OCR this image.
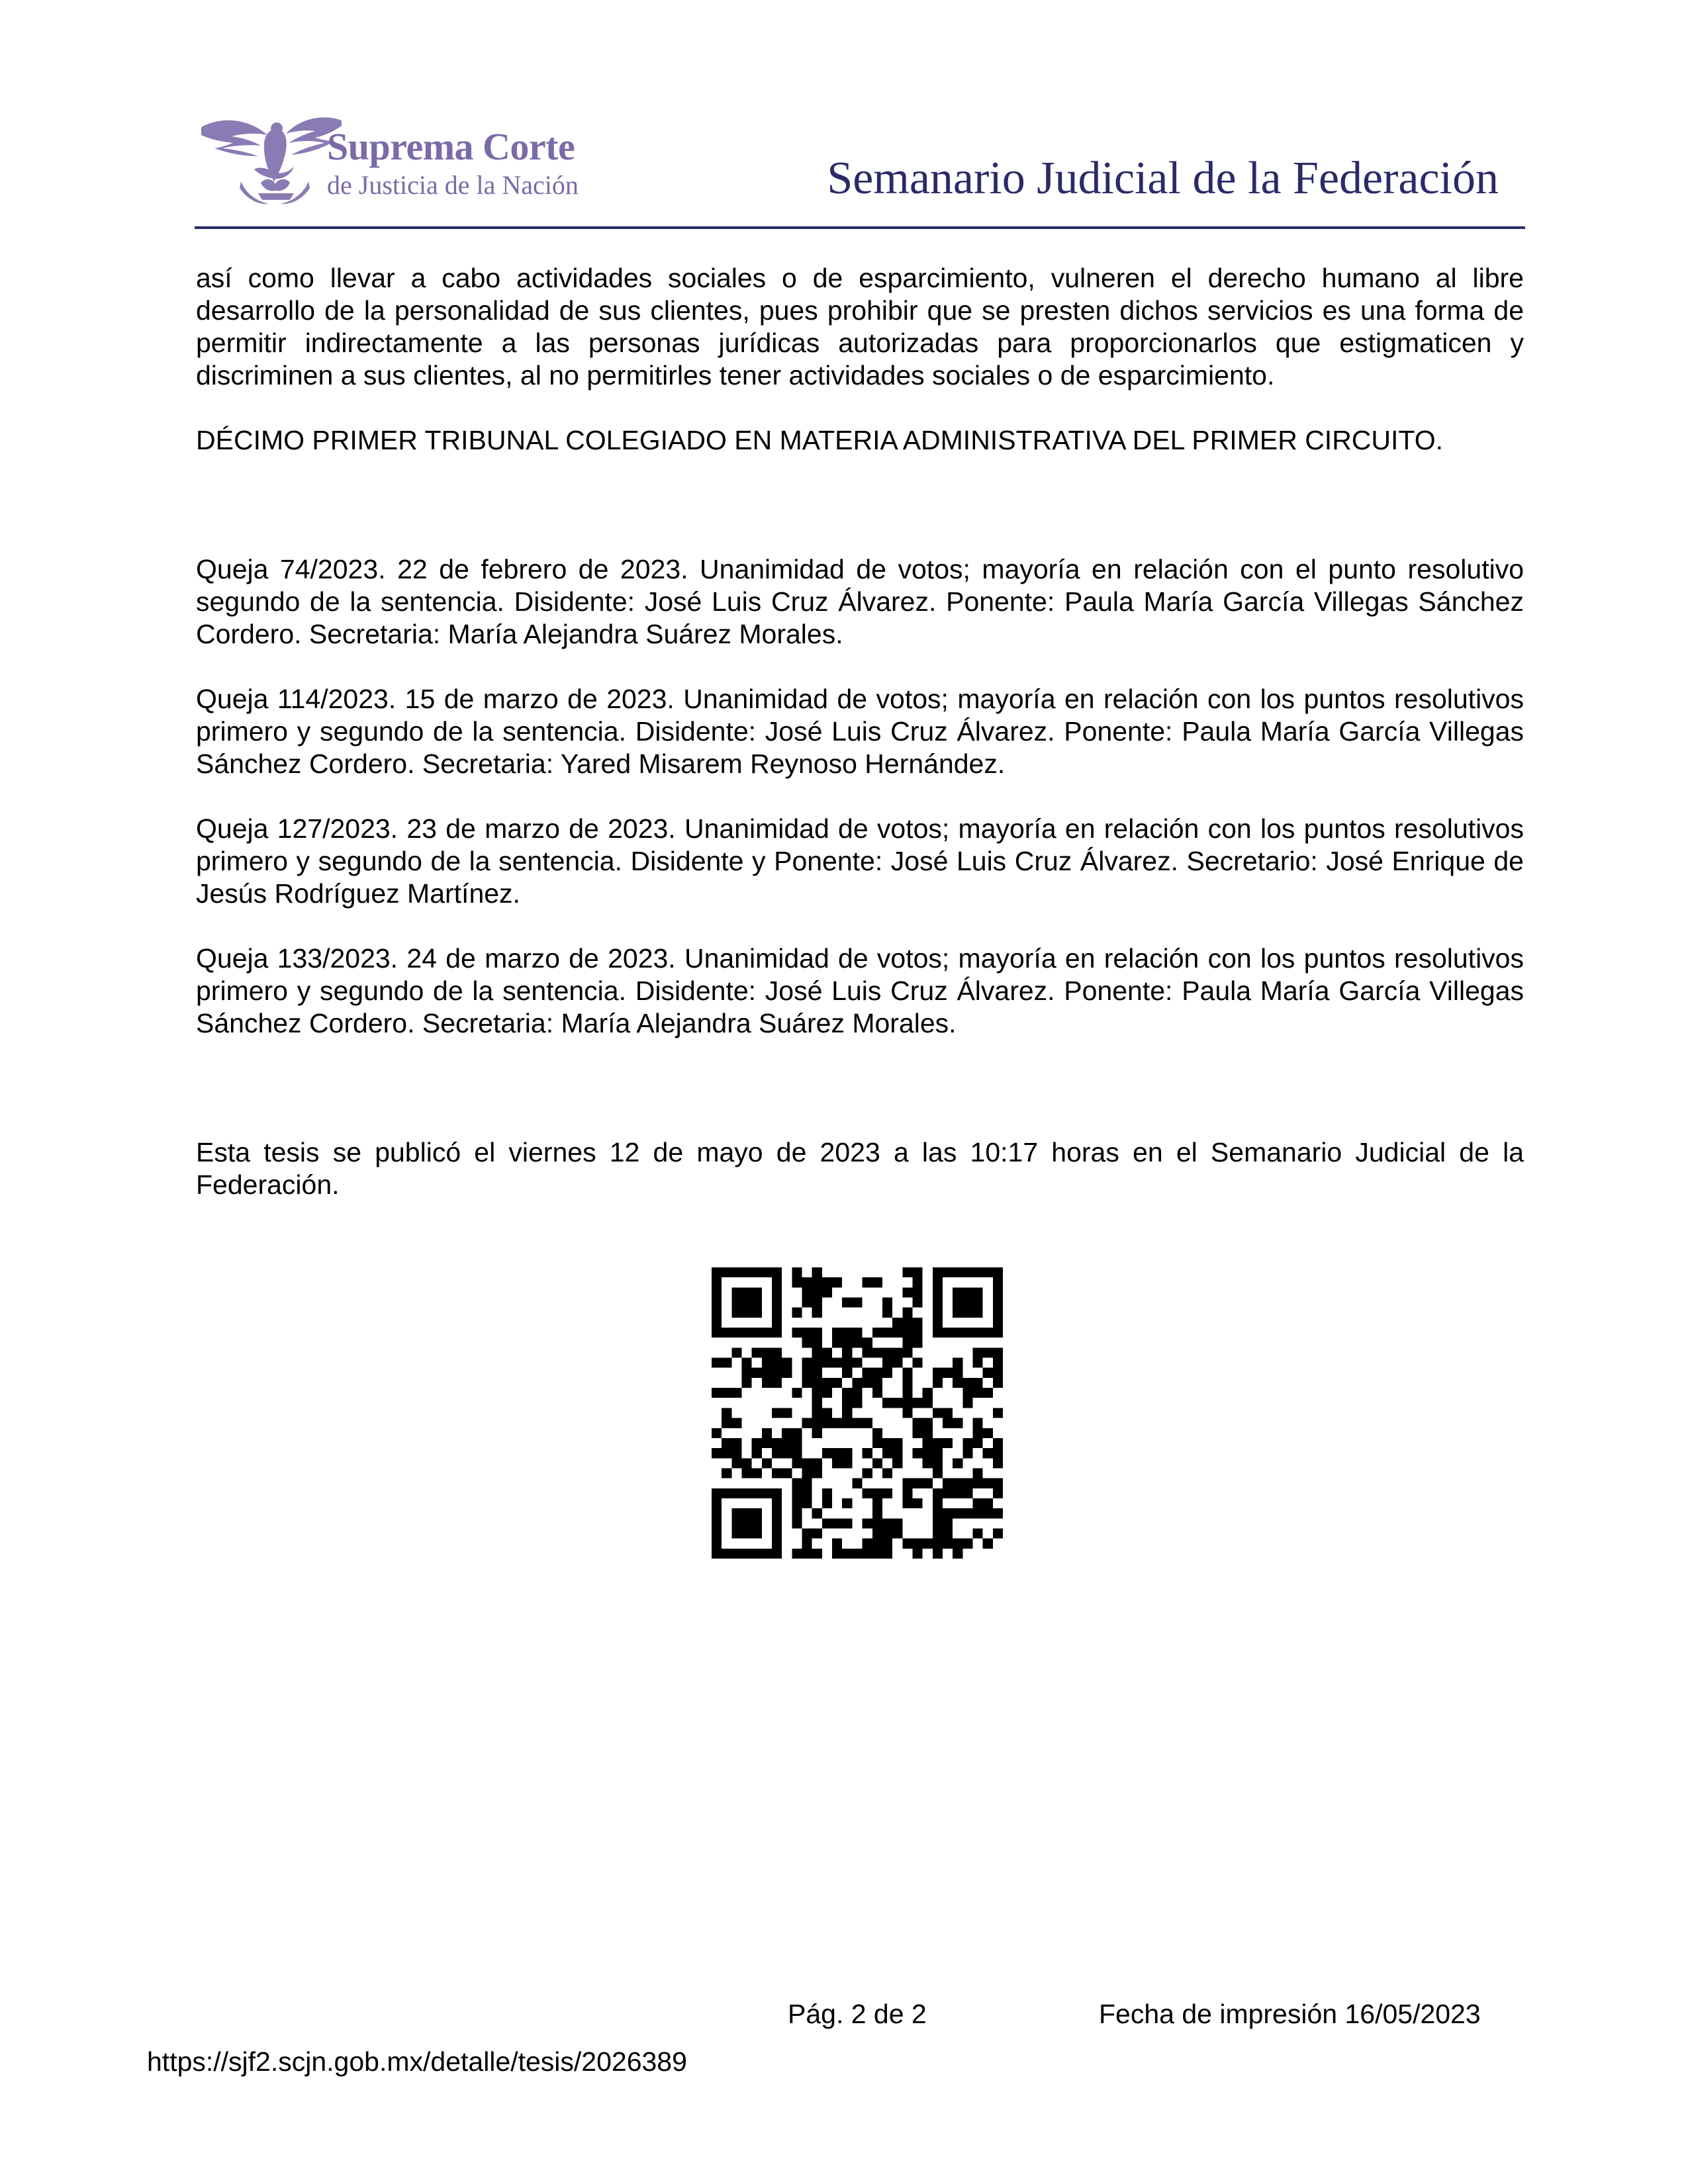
Suprema Corte
de Justicia de la Nación	Semanario Judicial de la Federación

así como llevar a cabo actividades sociales o de esparcimiento, vulneren el derecho humano al libre desarrollo de la personalidad de sus clientes, pues prohibir que se presten dichos servicios es una forma de permitir indirectamente a las personas jurídicas autorizadas para proporcionarlos que estigmaticen y discriminen a sus clientes, al no permitirles tener actividades sociales o de esparcimiento.

DÉCIMO PRIMER TRIBUNAL COLEGIADO EN MATERIA ADMINISTRATIVA DEL PRIMER CIRCUITO.

Queja 74/2023. 22 de febrero de 2023. Unanimidad de votos; mayoría en relación con el punto resolutivo segundo de la sentencia. Disidente: José Luis Cruz Álvarez. Ponente: Paula María García Villegas Sánchez Cordero. Secretaria: María Alejandra Suárez Morales.

Queja 114/2023. 15 de marzo de 2023. Unanimidad de votos; mayoría en relación con los puntos resolutivos primero y segundo de la sentencia. Disidente: José Luis Cruz Álvarez. Ponente: Paula María García Villegas Sánchez Cordero. Secretaria: Yared Misarem Reynoso Hernández.

Queja 127/2023. 23 de marzo de 2023. Unanimidad de votos; mayoría en relación con los puntos resolutivos primero y segundo de la sentencia. Disidente y Ponente: José Luis Cruz Álvarez. Secretario: José Enrique de Jesús Rodríguez Martínez.

Queja 133/2023. 24 de marzo de 2023. Unanimidad de votos; mayoría en relación con los puntos resolutivos primero y segundo de la sentencia. Disidente: José Luis Cruz Álvarez. Ponente: Paula María García Villegas Sánchez Cordero. Secretaria: María Alejandra Suárez Morales.

Esta tesis se publicó el viernes 12 de mayo de 2023 a las 10:17 horas en el Semanario Judicial de la Federación.

Pág. 2 de 2	Fecha de impresión 16/05/2023
https://sjf2.scjn.gob.mx/detalle/tesis/2026389
